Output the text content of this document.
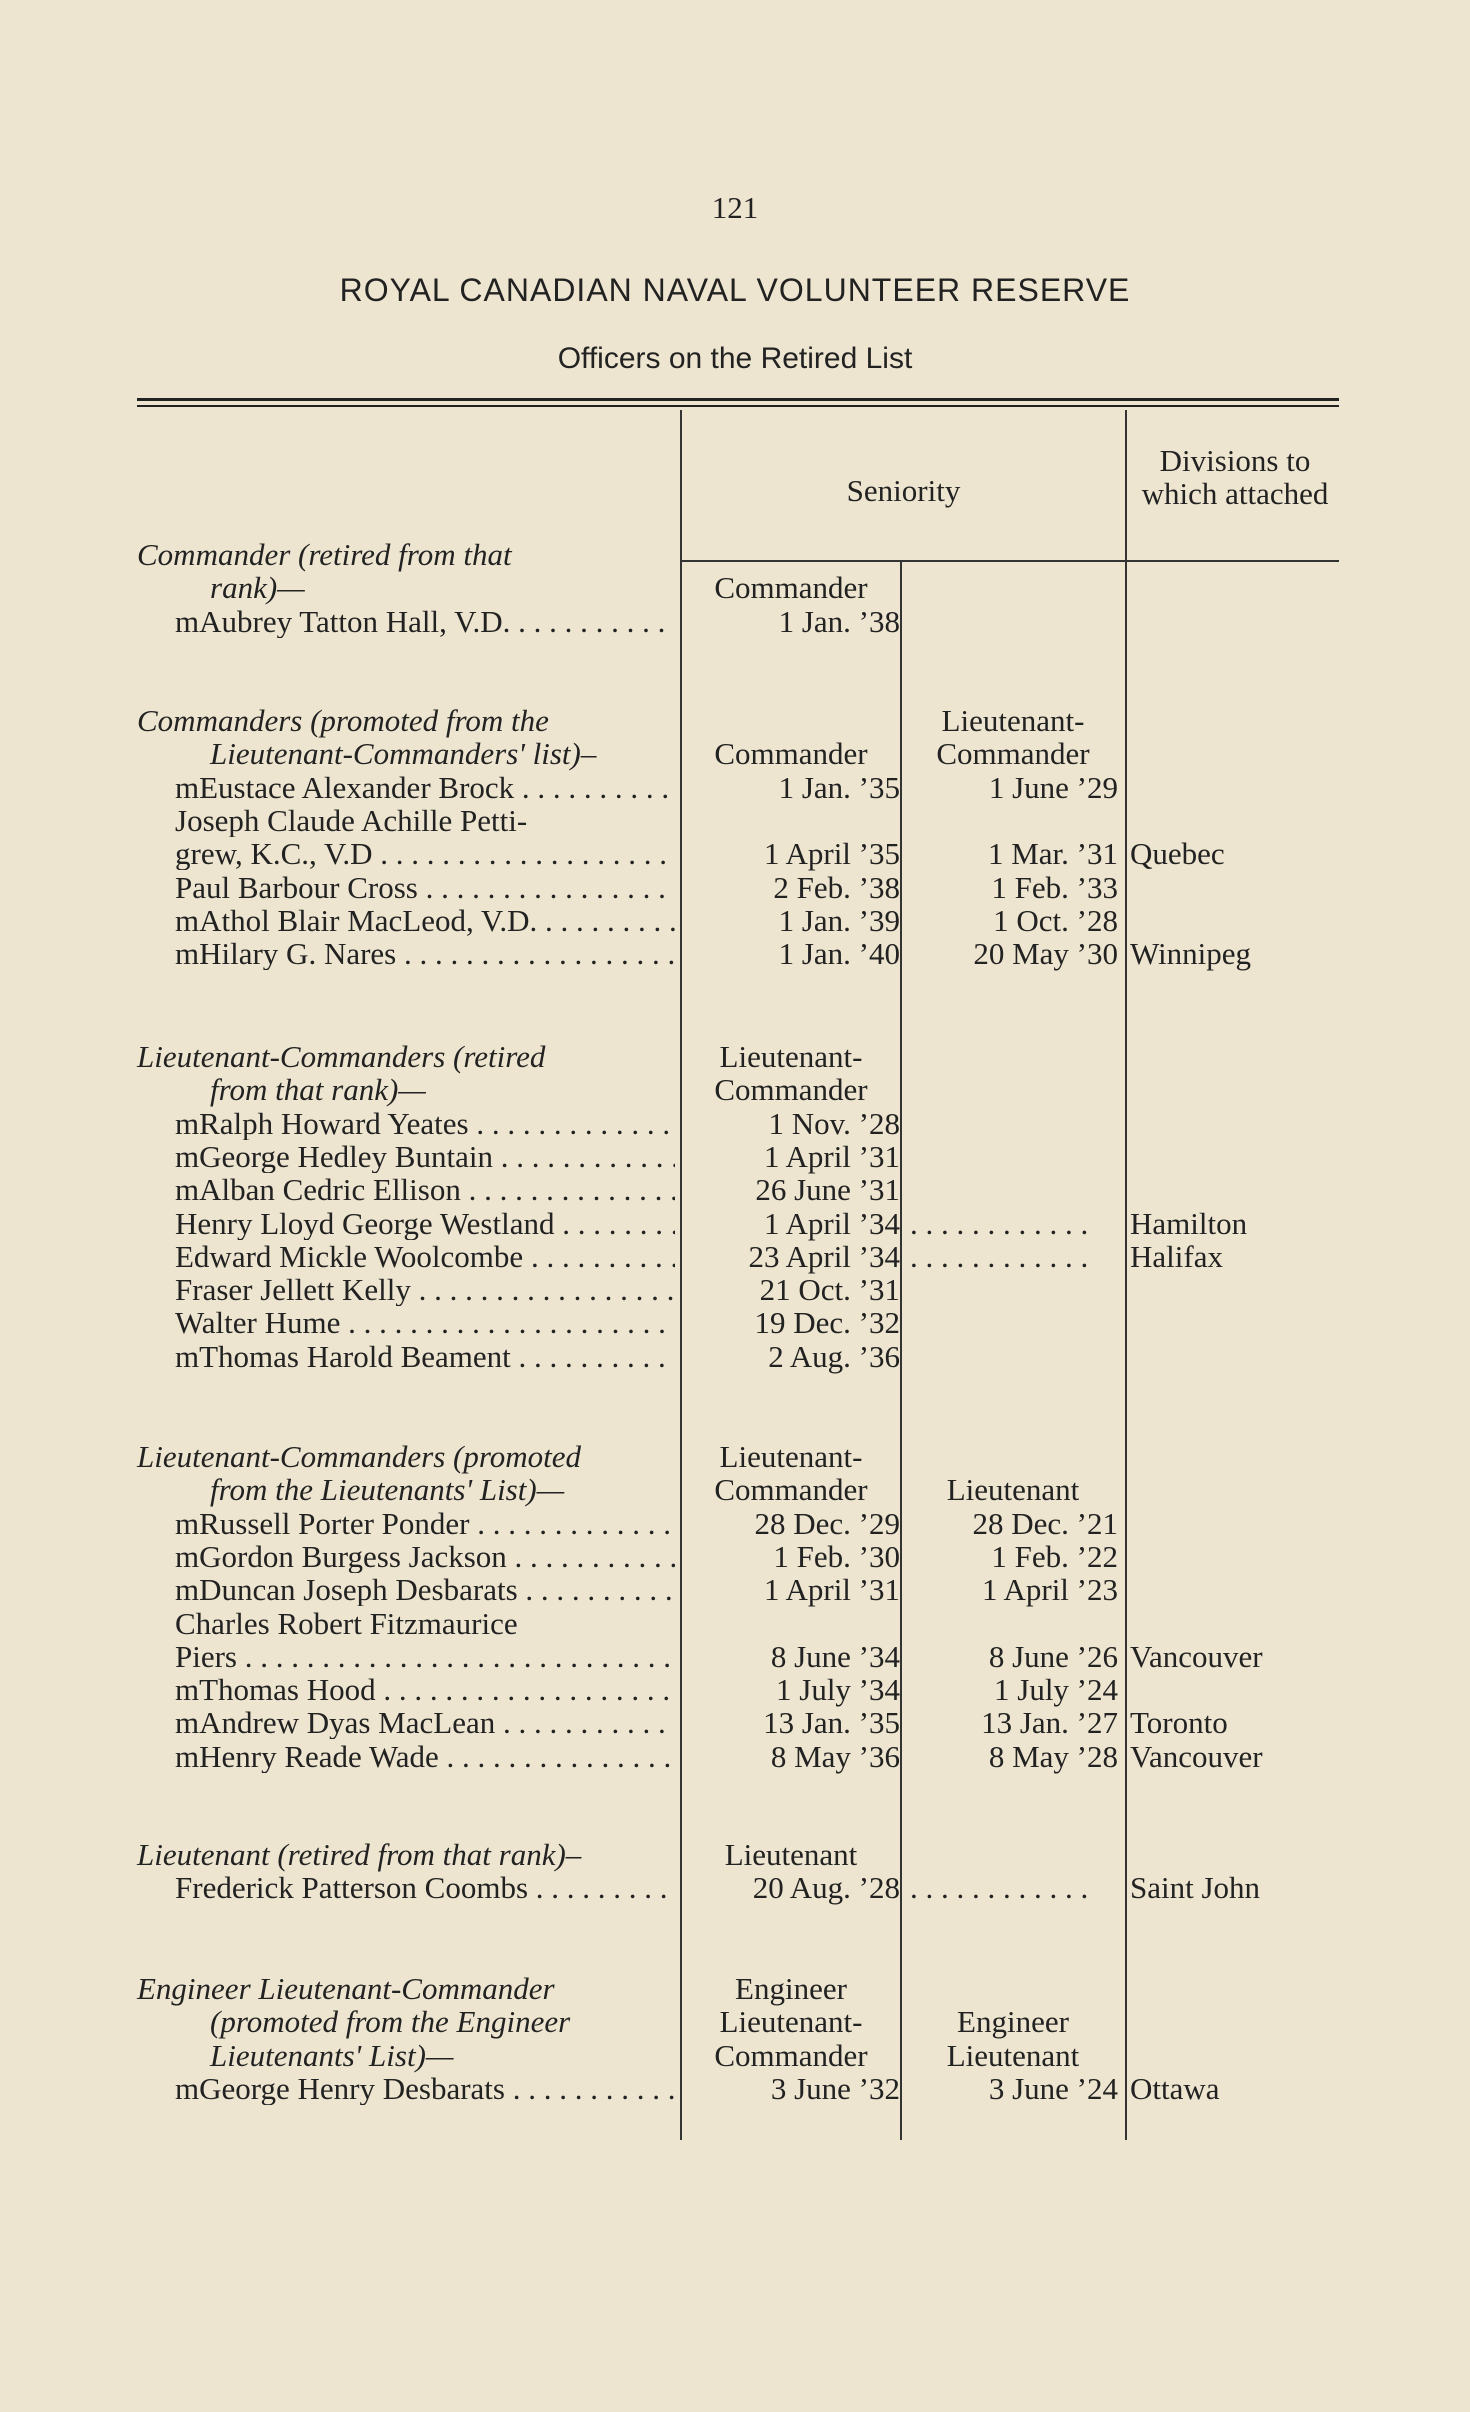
121
ROYAL CANADIAN NAVAL VOLUNTEER RESERVE
Officers on the Retired List
Seniority
Divisions to which attached
Commander (retired from that
rank)—	Commander
mAubrey Tatton Hall, V.D. . . .	1 Jan. ’38
Commanders (promoted from the
Lieutenant-Commanders' list)–	Commander
Lieutenant-
Commander
mEustace Alexander Brock . . .	1 Jan. ’35	1 June ’29
Joseph Claude Achille Petti-
grew, K.C., V.D . . .	1 April ’35	1 Mar. ’31 Quebec
Paul Barbour Cross . . .	2 Feb. ’38	1 Feb. ’33
mAthol Blair MacLeod, V.D. . . .	1 Jan. ’39	1 Oct. ’28
mHilary G. Nares . . .	1 Jan. ’40	20 May ’30 Winnipeg
Lieutenant-Commanders (retired
from that rank)—
Lieutenant-
Commander
mRalph Howard Yeates . . .	1 Nov. ’28
mGeorge Hedley Buntain . . .	1 April ’31
mAlban Cedric Ellison . . .	26 June ’31
Henry Lloyd George Westland . . .	1 April ’34 . . . . . . . . . . . .	Hamilton
Edward Mickle Woolcombe . . .	23 April ’34 . . . . . . . . . . . .	Halifax
Fraser Jellett Kelly . . .	21 Oct. ’31
Walter Hume . . .	19 Dec. ’32
mThomas Harold Beament . . .	2 Aug. ’36
Lieutenant-Commanders (promoted
from the Lieutenants' List)—
Lieutenant-
Commander	Lieutenant
mRussell Porter Ponder . . .	28 Dec. ’29	28 Dec. ’21
mGordon Burgess Jackson . . .	1 Feb. ’30	1 Feb. ’22
mDuncan Joseph Desbarats . . .	1 April ’31	1 April ’23
Charles Robert Fitzmaurice
Piers . . .	8 June ’34	8 June ’26 Vancouver
mThomas Hood . . .	1 July ’34	1 July ’24
mAndrew Dyas MacLean . . .	13 Jan. ’35	13 Jan. ’27 Toronto
mHenry Reade Wade . . .	8 May ’36	8 May ’28 Vancouver
Lieutenant (retired from that rank)–	Lieutenant
Frederick Patterson Coombs . . .	20 Aug. ’28 . . . . . . . . . . . .	Saint John
Engineer Lieutenant-Commander
(promoted from the Engineer
Lieutenants' List)—
Engineer
Lieutenant-
Commander
Engineer
Lieutenant
mGeorge Henry Desbarats . . .	3 June ’32	3 June ’24 Ottawa
